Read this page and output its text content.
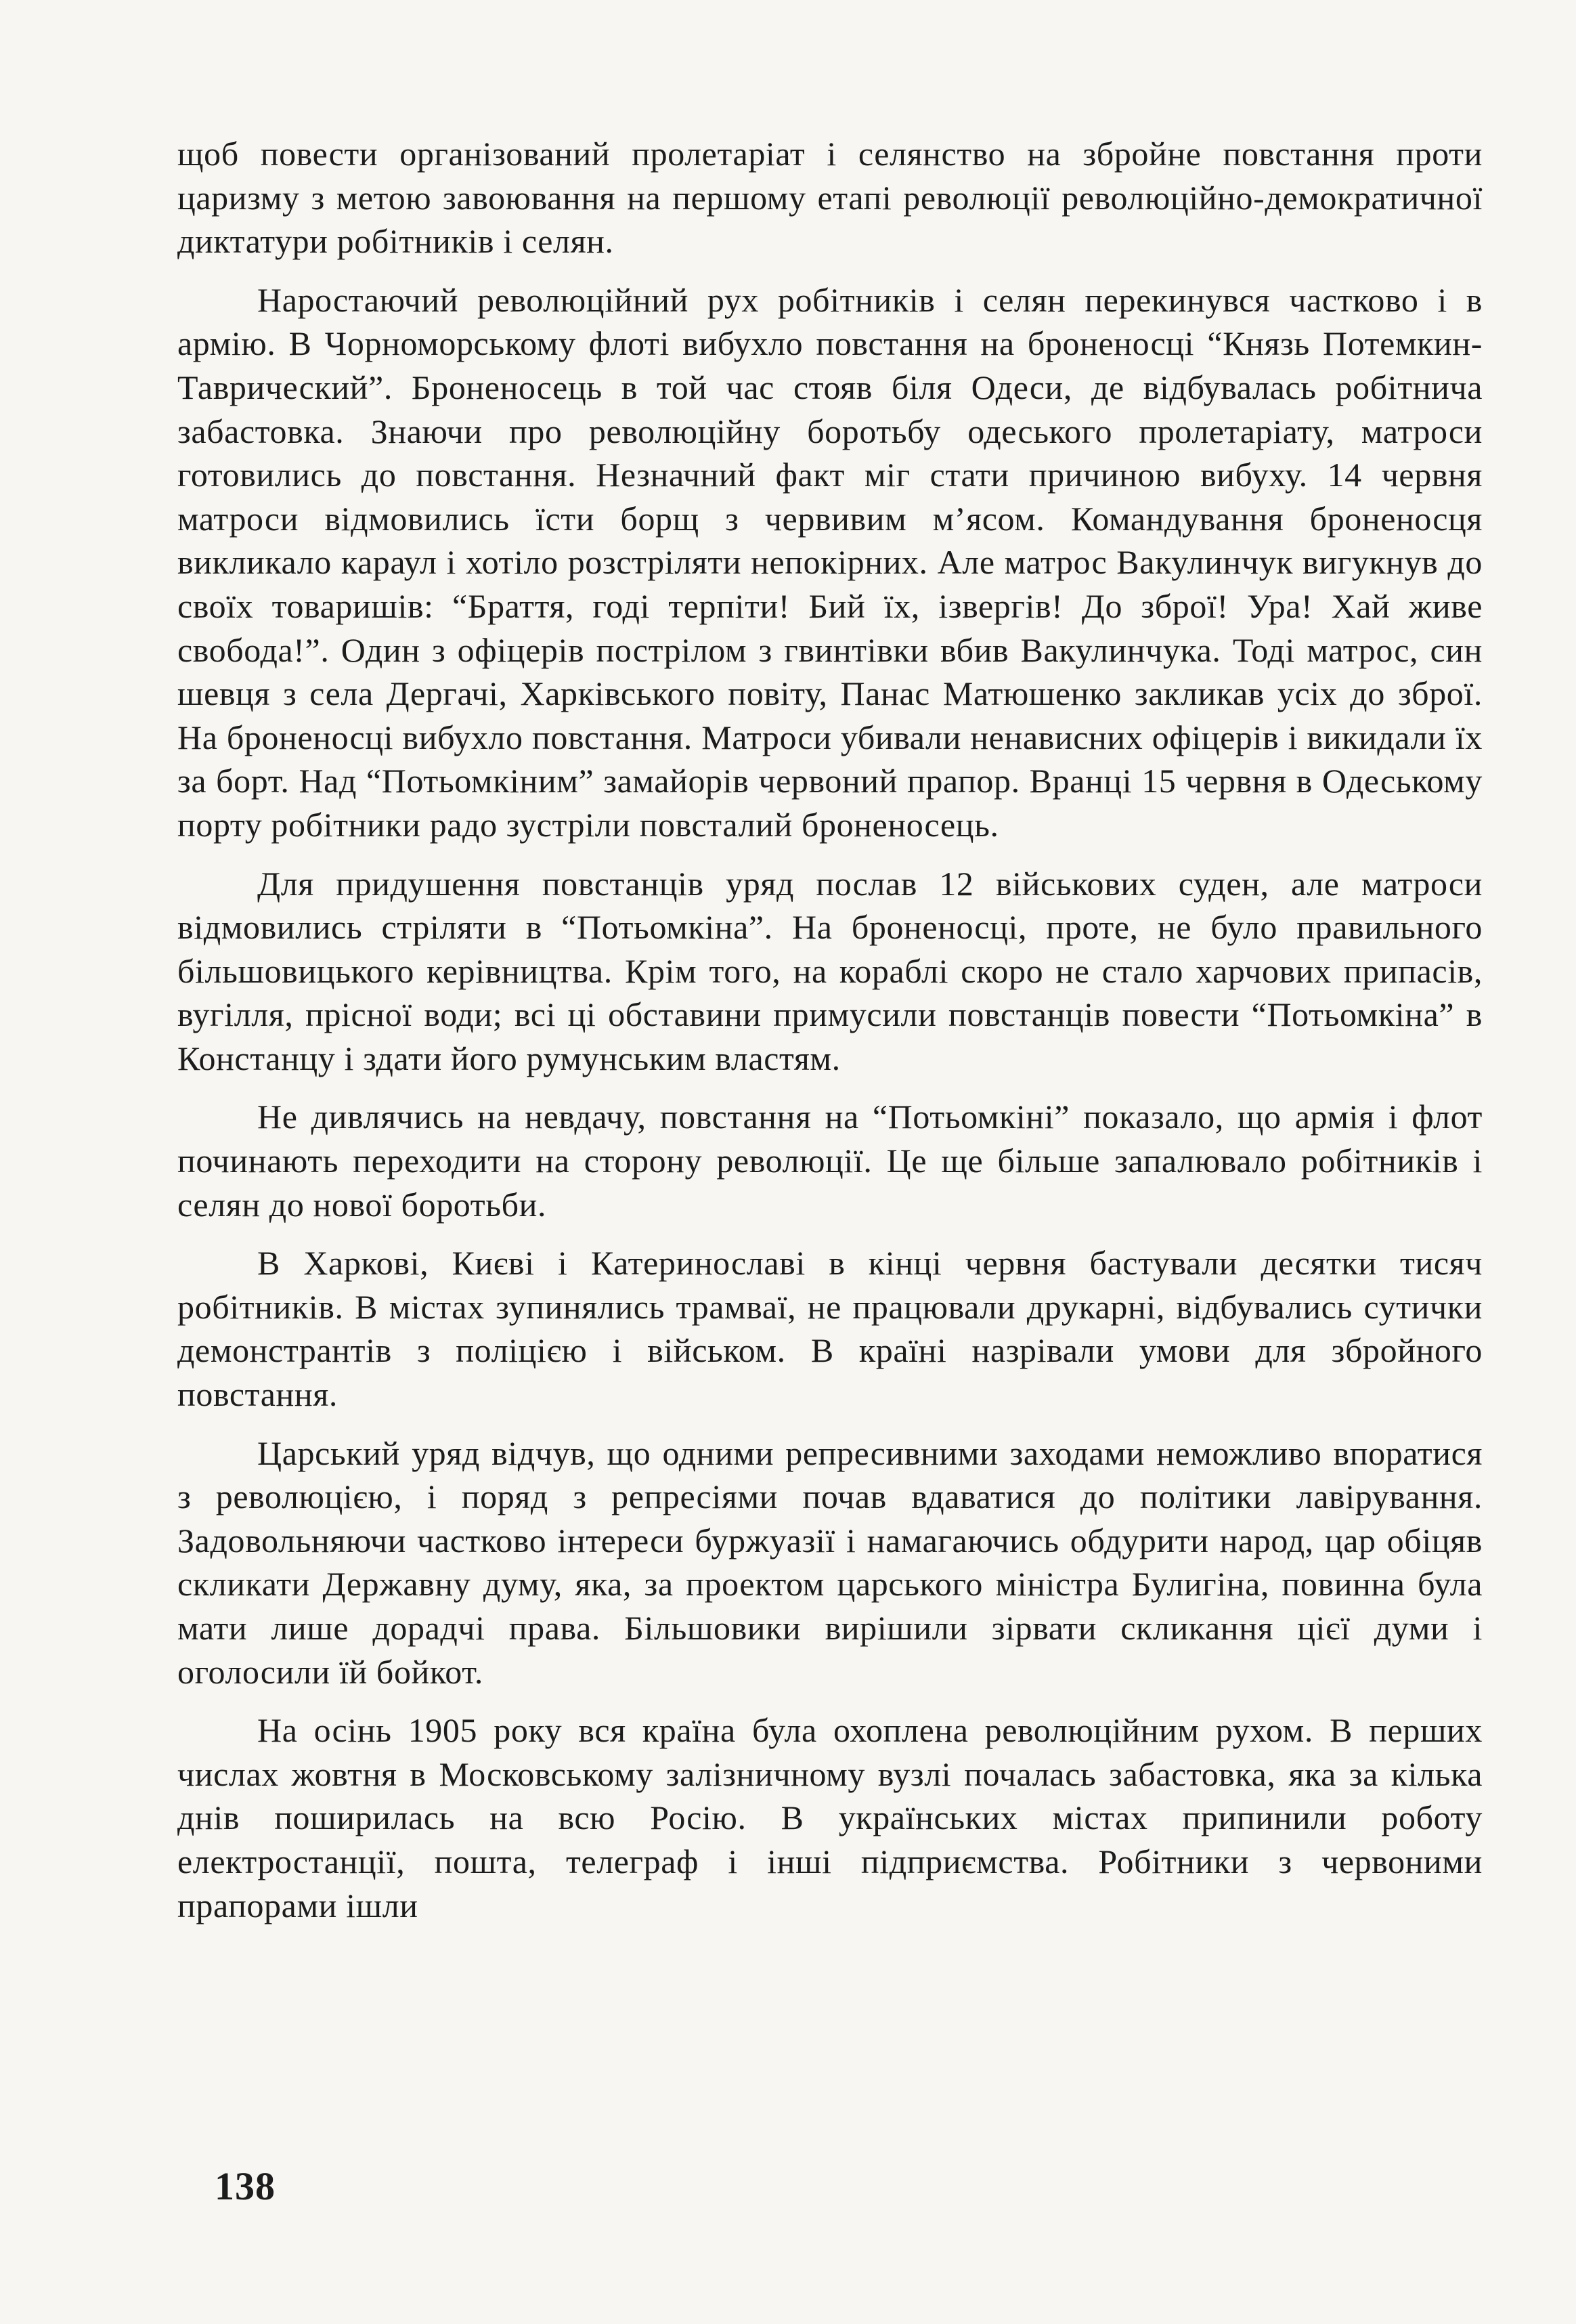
щоб повести організований пролетаріат і селянство на збройне повстання проти царизму з метою завоювання на першому етапі революції революційно-демократичної диктатури робітників і селян.

Наростаючий революційний рух робітників і селян перекинувся частково і в армію. В Чорноморському флоті вибухло повстання на броненосці “Князь Потемкин-Таврический”. Броненосець в той час стояв біля Одеси, де відбувалась робітнича забастовка. Знаючи про революційну боротьбу одеського пролетаріату, матроси готовились до повстання. Незначний факт міг стати причиною вибуху. 14 червня матроси відмовились їсти борщ з червивим м’ясом. Командування броненосця викликало караул і хотіло розстріляти непокірних. Але матрос Вакулинчук вигукнув до своїх товаришів: “Браття, годі терпіти! Бий їх, ізвергів! До зброї! Ура! Хай живе свобода!”. Один з офіцерів пострілом з гвинтівки вбив Вакулинчука. Тоді матрос, син шевця з села Дергачі, Харківського повіту, Панас Матюшенко закликав усіх до зброї. На броненосці вибухло повстання. Матроси убивали ненависних офіцерів і викидали їх за борт. Над “Потьомкіним” замайорів червоний прапор. Вранці 15 червня в Одеському порту робітники радо зустріли повсталий броненосець.

Для придушення повстанців уряд послав 12 військових суден, але матроси відмовились стріляти в “Потьомкіна”. На броненосці, проте, не було правильного більшовицького керівництва. Крім того, на кораблі скоро не стало харчових припасів, вугілля, прісної води; всі ці обставини примусили повстанців повести “Потьомкіна” в Констанцу і здати його румунським властям.

Не дивлячись на невдачу, повстання на “Потьомкіні” показало, що армія і флот починають переходити на сторону революції. Це ще більше запалювало робітників і селян до нової боротьби.

В Харкові, Києві і Катеринославі в кінці червня бастували десятки тисяч робітників. В містах зупинялись трамваї, не працювали друкарні, відбувались сутички демонстрантів з поліцією і військом. В країні назрівали умови для збройного повстання.

Царський уряд відчув, що одними репресивними заходами неможливо впоратися з революцією, і поряд з репресіями почав вдаватися до політики лавірування. Задовольняючи частково інтереси буржуазії і намагаючись обдурити народ, цар обіцяв скликати Державну думу, яка, за проектом царського міністра Булигіна, повинна була мати лише дорадчі права. Більшовики вирішили зірвати скликання цієї думи і оголосили їй бойкот.

На осінь 1905 року вся країна була охоплена революційним рухом. В перших числах жовтня в Московському залізничному вузлі почалась забастовка, яка за кілька днів поширилась на всю Росію. В українських містах припинили роботу електростанції, пошта, телеграф і інші підприємства. Робітники з червоними прапорами ішли

138
